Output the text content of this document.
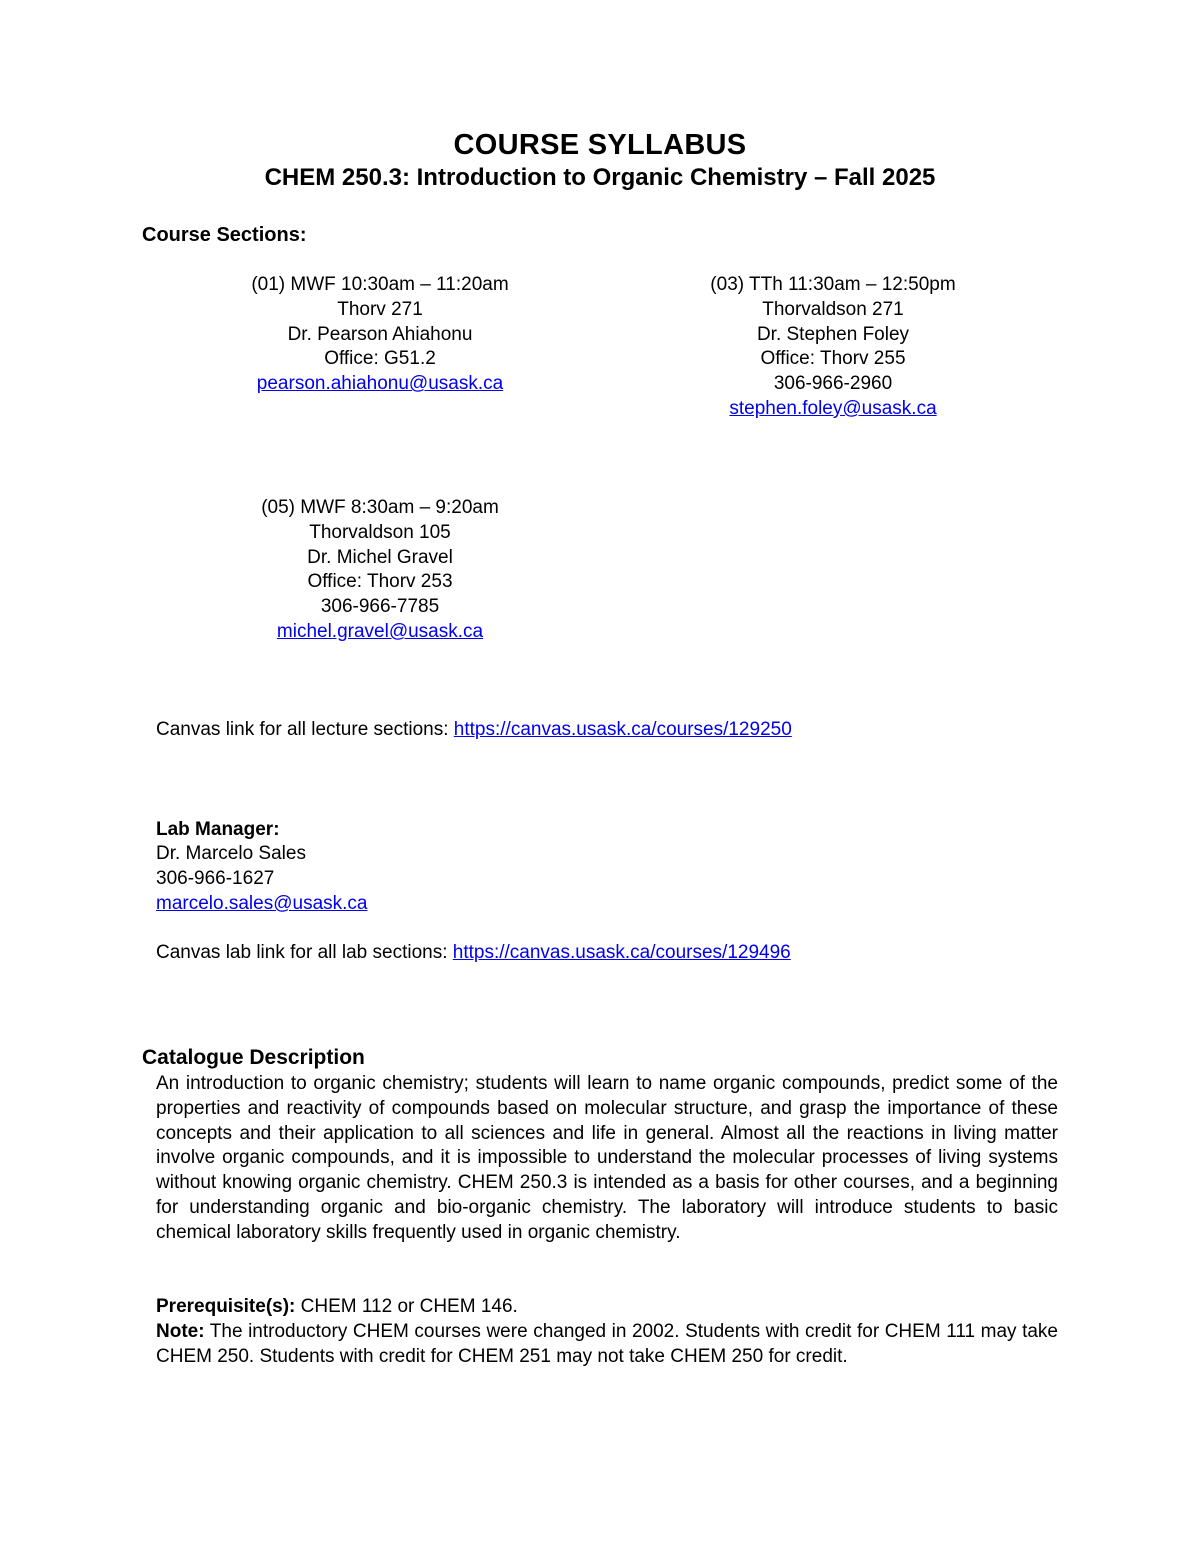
COURSE SYLLABUS
CHEM 250.3: Introduction to Organic Chemistry – Fall 2025
Course Sections:
(01) MWF 10:30am – 11:20am
Thorv 271
Dr. Pearson Ahiahonu
Office: G51.2
pearson.ahiahonu@usask.ca
(03) TTh 11:30am – 12:50pm
Thorvaldson 271
Dr. Stephen Foley
Office: Thorv 255
306-966-2960
stephen.foley@usask.ca
(05) MWF 8:30am – 9:20am
Thorvaldson 105
Dr. Michel Gravel
Office: Thorv 253
306-966-7785
michel.gravel@usask.ca
Canvas link for all lecture sections: https://canvas.usask.ca/courses/129250
Lab Manager:
Dr. Marcelo Sales
306-966-1627
marcelo.sales@usask.ca
Canvas lab link for all lab sections: https://canvas.usask.ca/courses/129496
Catalogue Description
An introduction to organic chemistry; students will learn to name organic compounds, predict some of the properties and reactivity of compounds based on molecular structure, and grasp the importance of these concepts and their application to all sciences and life in general. Almost all the reactions in living matter involve organic compounds, and it is impossible to understand the molecular processes of living systems without knowing organic chemistry. CHEM 250.3 is intended as a basis for other courses, and a beginning for understanding organic and bio-organic chemistry. The laboratory will introduce students to basic chemical laboratory skills frequently used in organic chemistry.
Prerequisite(s): CHEM 112 or CHEM 146.
Note: The introductory CHEM courses were changed in 2002. Students with credit for CHEM 111 may take CHEM 250. Students with credit for CHEM 251 may not take CHEM 250 for credit.
